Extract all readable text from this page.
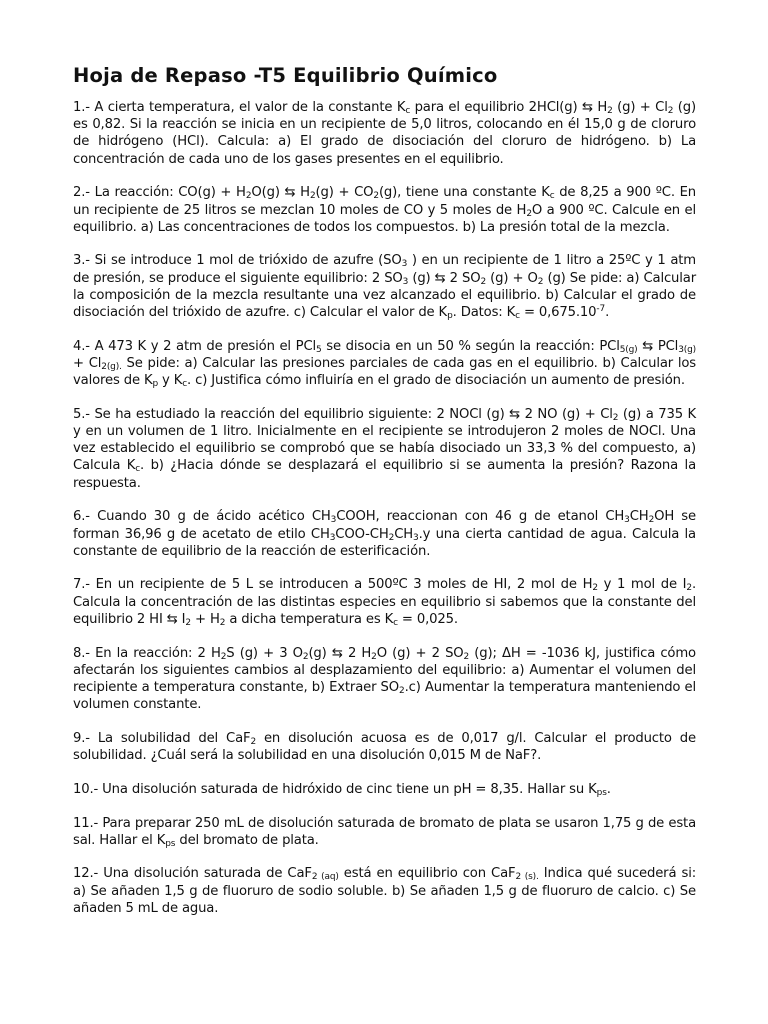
Hoja de Repaso -T5 Equilibrio Químico

1.- A cierta temperatura, el valor de la constante $K_c$ para el equilibrio 2HCl(g) ⇆ $H_2$ $(g) + Cl_2$ (g) es 0,82. Si la reacción se inicia en un recipiente de 5,0 litros, colocando en él 15,0 g de cloruro de hidrógeno (HCl). Calcula: a) El grado de disociación del cloruro de hidrógeno. b) La concentración de cada uno de los gases presentes en el equilibrio.

2.- La reacción: $CO(g) + H_2O(g)$ ⇆ $H_2(g) + CO_2(g)$, tiene una constante $K_c$ de 8,25 a 900 ºC. En un recipiente de 25 litros se mezclan 10 moles de CO y 5 moles de $H_2O$ a 900 ºC. Calcule en el equilibrio. a) Las concentraciones de todos los compuestos. b) La presión total de la mezcla.

3.- Si se introduce 1 mol de trióxido de azufre ($SO_3$ ) en un recipiente de 1 litro a 25ºC y 1 atm de presión, se produce el siguiente equilibrio: 2 $SO_3$ (g) ⇆ 2 $SO_2$ $(g) + O_2$ (g) Se pide: a) Calcular la composición de la mezcla resultante una vez alcanzado el equilibrio. b) Calcular el grado de disociación del trióxido de azufre. c) Calcular el valor de $K_p$. Datos: $K_c = 0,675.10^{-7}$.

4.- A 473 K y 2 atm de presión el PCl$_5$ se disocia en un 50 % según la reacción: PCl$_{5(g)}$ ⇆ $PCl_{3(g)} + Cl_{2(g).}$ Se pide: a) Calcular las presiones parciales de cada gas en el equilibrio. b) Calcular los valores de $K_p$ y $K_c$. c) Justifica cómo influiría en el grado de disociación un aumento de presión.

5.- Se ha estudiado la reacción del equilibrio siguiente: 2 NOCl (g) ⇆ 2 NO $(g) + Cl_2$ (g) a 735 K y en un volumen de 1 litro. Inicialmente en el recipiente se introdujeron 2 moles de NOCl. Una vez establecido el equilibrio se comprobó que se había disociado un 33,3 % del compuesto, a) Calcula $K_c$. b) ¿Hacia dónde se desplazará el equilibrio si se aumenta la presión? Razona la respuesta.

6.- Cuando 30 g de ácido acético $CH_3COOH$, reaccionan con 46 g de etanol $CH_3CH_2OH$ se forman 36,96 g de acetato de etilo $CH_3COO-CH_2CH_3.y$ una cierta cantidad de agua. Calcula la constante de equilibrio de la reacción de esterificación.

7.- En un recipiente de 5 L se introducen a 500ºC 3 moles de HI, 2 mol de $H_2$ y 1 mol de $I_2$. Calcula la concentración de las distintas especies en equilibrio si sabemos que la constante del equilibrio 2 HI ⇆ $I_2 + H_2$ a dicha temperatura es $K_c = 0,025$.

8.- En la reacción: 2 $H_2S$ (g) + 3 $O_2(g)$ ⇆ 2 $H_2O$ (g) + 2 $SO_2$ (g); ΔH = -1036 kJ, justifica cómo afectarán los siguientes cambios al desplazamiento del equilibrio: a) Aumentar el volumen del recipiente a temperatura constante, b) Extraer $SO_2.c$) Aumentar la temperatura manteniendo el volumen constante.

9.- La solubilidad del CaF$_2$ en disolución acuosa es de 0,017 g/l. Calcular el producto de solubilidad. ¿Cuál será la solubilidad en una disolución 0,015 M de NaF?.

10.- Una disolución saturada de hidróxido de cinc tiene un pH = 8,35. Hallar su $K_{ps}$.

11.- Para preparar 250 mL de disolución saturada de bromato de plata se usaron 1,75 g de esta sal. Hallar el $K_{ps}$ del bromato de plata.

12.- Una disolución saturada de CaF$_{2 (aq)}$ está en equilibrio con CaF$_{2 (s).}$ Indica qué sucederá si: a) Se añaden 1,5 g de fluoruro de sodio soluble. b) Se añaden 1,5 g de fluoruro de calcio. c) Se añaden 5 mL de agua.
